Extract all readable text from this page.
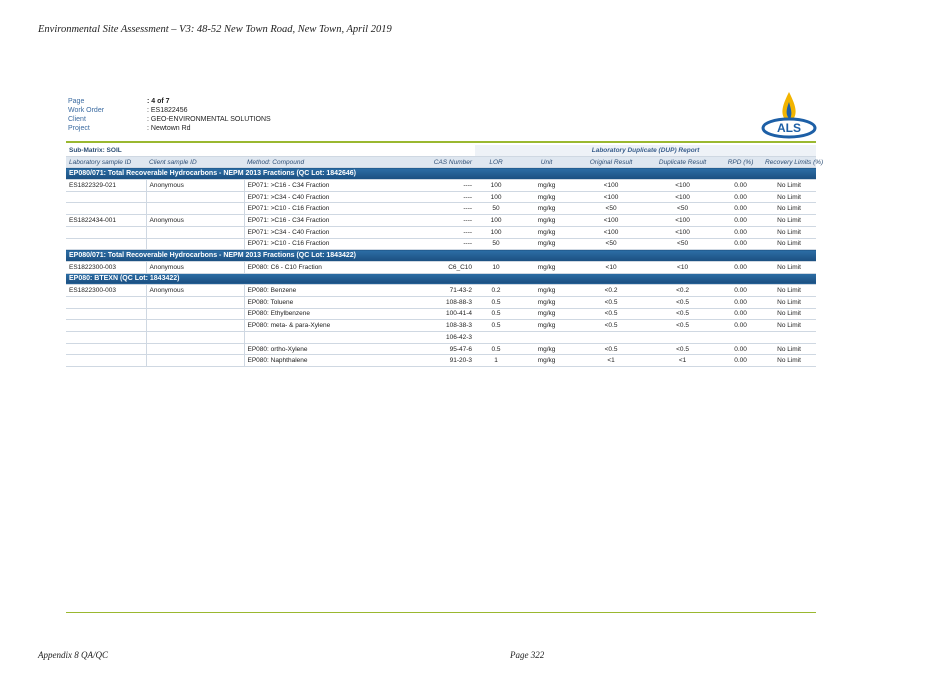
Environmental Site Assessment – V3: 48-52 New Town Road, New Town, April 2019
Page	: 4 of 7
Work Order	: ES1822456
Client	: GEO-ENVIRONMENTAL SOLUTIONS
Project	: Newtown Rd	ALS
Sub-Matrix: SOIL				Laboratory Duplicate (DUP) Report					
Laboratory sample ID	Client sample ID	Method: Compound	CAS Number	LOR	Unit	Original Result	Duplicate Result	RPD (%)	Recovery Limits (%)
EP080/071: Total Recoverable Hydrocarbons - NEPM 2013 Fractions (QC Lot: 1842646)									
ES1822329-021	Anonymous	EP071: >C16 - C34 Fraction	----	100	mg/kg	<100	<100	0.00	No Limit
		EP071: >C34 - C40 Fraction	----	100	mg/kg	<100	<100	0.00	No Limit
		EP071: >C10 - C16 Fraction	----	50	mg/kg	<50	<50	0.00	No Limit
ES1822434-001	Anonymous	EP071: >C16 - C34 Fraction	----	100	mg/kg	<100	<100	0.00	No Limit
		EP071: >C34 - C40 Fraction	----	100	mg/kg	<100	<100	0.00	No Limit
		EP071: >C10 - C16 Fraction	----	50	mg/kg	<50	<50	0.00	No Limit
EP080/071: Total Recoverable Hydrocarbons - NEPM 2013 Fractions (QC Lot: 1843422)									
ES1822300-003	Anonymous	EP080: C6 - C10 Fraction	C6_C10	10	mg/kg	<10	<10	0.00	No Limit
EP080: BTEXN (QC Lot: 1843422)									
ES1822300-003	Anonymous	EP080: Benzene	71-43-2	0.2	mg/kg	<0.2	<0.2	0.00	No Limit
		EP080: Toluene	108-88-3	0.5	mg/kg	<0.5	<0.5	0.00	No Limit
		EP080: Ethylbenzene	100-41-4	0.5	mg/kg	<0.5	<0.5	0.00	No Limit
		EP080: meta- & para-Xylene	108-38-3	0.5	mg/kg	<0.5	<0.5	0.00	No Limit
			106-42-3						
		EP080: ortho-Xylene	95-47-6	0.5	mg/kg	<0.5	<0.5	0.00	No Limit
		EP080: Naphthalene	91-20-3	1	mg/kg	<1	<1	0.00	No Limit
Appendix 8 QA/QC	Page 322
